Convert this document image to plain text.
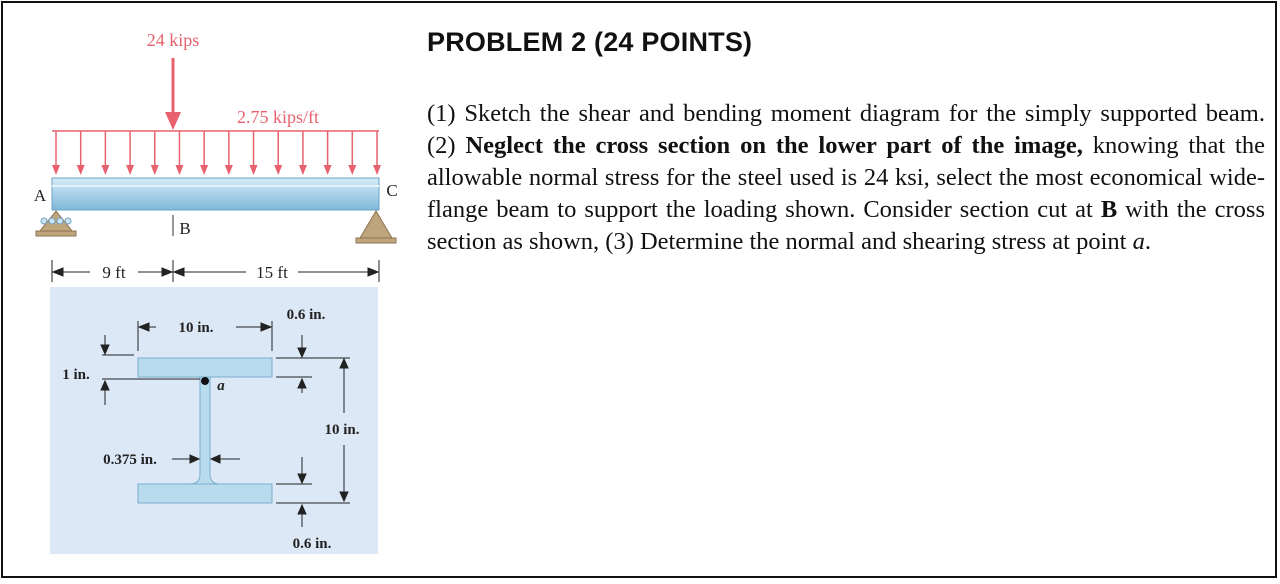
PROBLEM 2 (24 POINTS)
(1) Sketch the shear and bending moment diagram for the simply supported beam. (2) Neglect the cross section on the lower part of the image, knowing that the allowable normal stress for the steel used is 24 ksi, select the most economical wide-flange beam to support the loading shown. Consider section cut at B with the cross section as shown, (3) Determine the normal and shearing stress at point a.
24 kips
2.75 kips/ft
A	C
B
9 ft	15 ft
a
10 in.
0.6 in.
1 in.
10 in.
0.375 in.
0.6 in.
